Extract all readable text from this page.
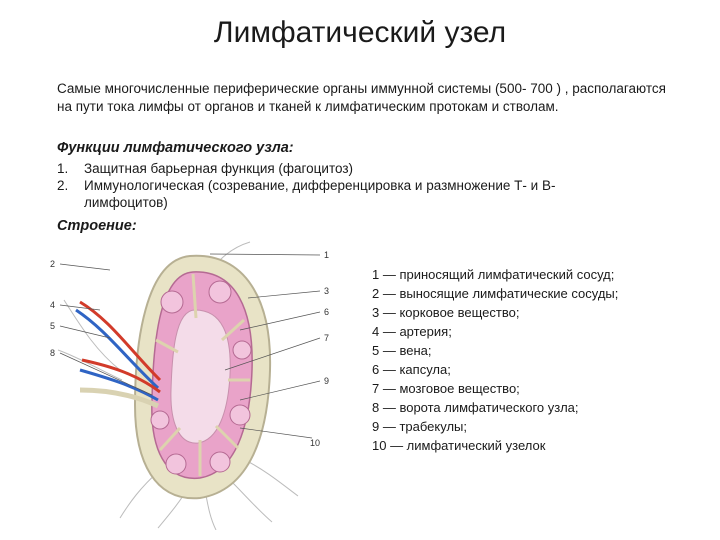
Лимфатический узел
Самые многочисленные периферические органы иммунной системы (500- 700 ) , располагаются на пути тока лимфы от органов и тканей к лимфатическим протокам и стволам.
Функции лимфатического узла:
1. Защитная барьерная функция (фагоцитоз)
2. Иммунологическая (созревание, дифференцировка и размножение Т- и В-лимфоцитов)
Строение:
2
1
3
4
5
6
7
8
9
10
1 — приносящий лимфатический сосуд;
2 — выносящие лимфатические сосуды;
3 — корковое вещество;
4 — артерия;
5 — вена;
6 — капсула;
7 — мозговое вещество;
8 — ворота лимфатического узла;
9 — трабекулы;
10 — лимфатический узелок
